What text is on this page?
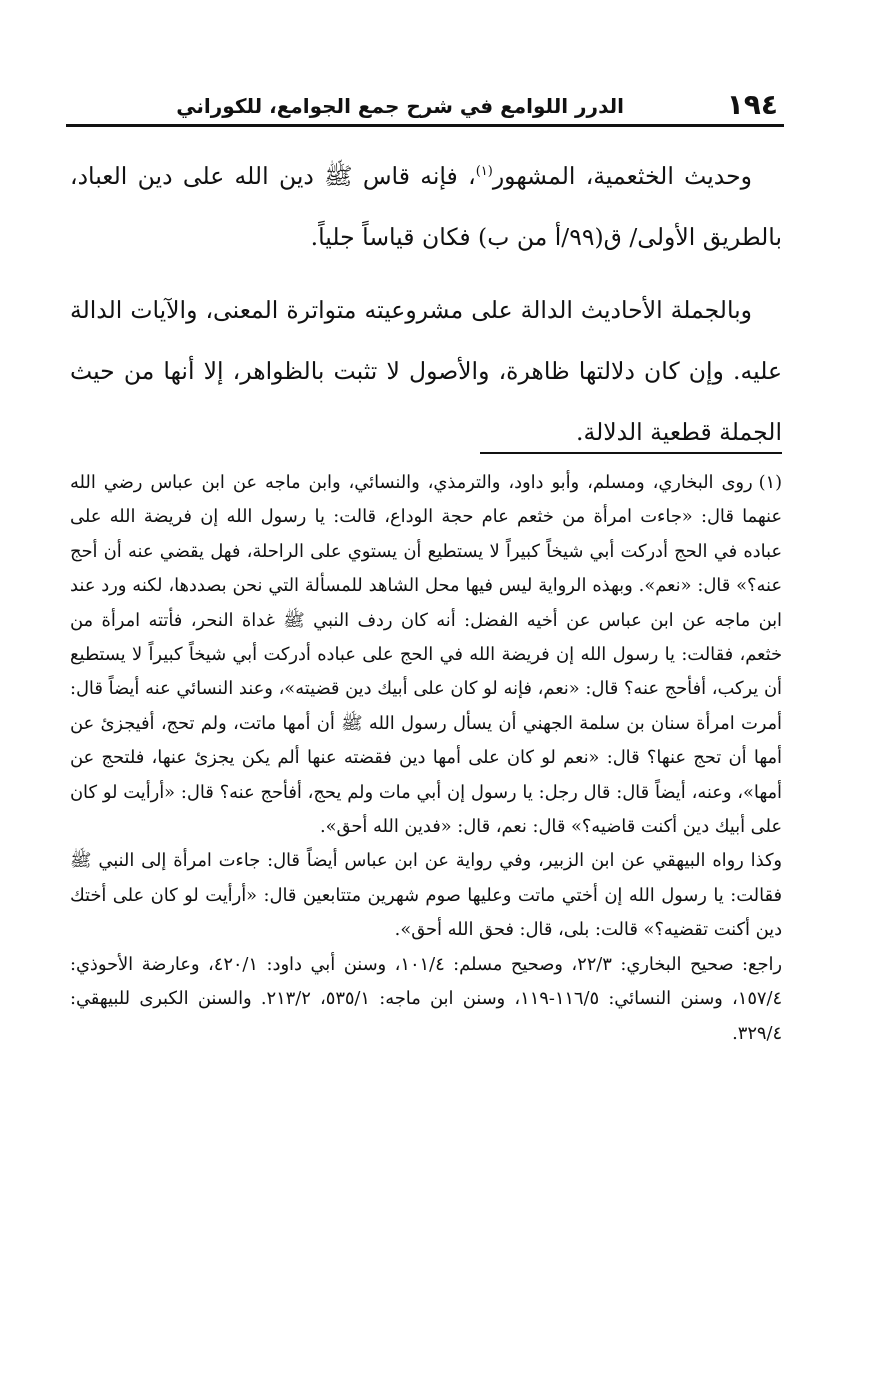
١٩٤
الدرر اللوامع في شرح جمع الجوامع، للكوراني

وحديث الخثعمية، المشهور$^{(١)}$، فإنه قاس ﷺ دين الله على دين العباد، بالطريق الأولى/ ق(٩٩/أ من ب) فكان قياساً جلياً.

وبالجملة الأحاديث الدالة على مشروعيته متواترة المعنى، والآيات الدالة عليه. وإن كان دلالتها ظاهرة، والأصول لا تثبت بالظواهر، إلا أنها من حيث الجملة قطعية الدلالة.

(١)روى البخاري، ومسلم، وأبو داود، والترمذي، والنسائي، وابن ماجه عن ابن عباس رضي الله عنهما قال: «جاءت امرأة من خثعم عام حجة الوداع، قالت: يا رسول الله إن فريضة الله على عباده في الحج أدركت أبي شيخاً كبيراً لا يستطيع أن يستوي على الراحلة، فهل يقضي عنه أن أحج عنه؟» قال: «نعم». وبهذه الرواية ليس فيها محل الشاهد للمسألة التي نحن بصددها، لكنه ورد عند ابن ماجه عن ابن عباس عن أخيه الفضل: أنه كان ردف النبي ﷺ غداة النحر، فأتته امرأة من خثعم، فقالت: يا رسول الله إن فريضة الله في الحج على عباده أدركت أبي شيخاً كبيراً لا يستطيع أن يركب، أفأحج عنه؟ قال: «نعم، فإنه لو كان على أبيك دين قضيته»، وعند النسائي عنه أيضاً قال: أمرت امرأة سنان بن سلمة الجهني أن يسأل رسول الله ﷺ أن أمها ماتت، ولم تحج، أفيجزئ عن أمها أن تحج عنها؟ قال: «نعم لو كان على أمها دين فقضته عنها ألم يكن يجزئ عنها، فلتحج عن أمها»، وعنه، أيضاً قال: قال رجل: يا رسول إن أبي مات ولم يحج، أفأحج عنه؟ قال: «أرأيت لو كان على أبيك دين أكنت قاضيه؟» قال: نعم، قال: «فدين الله أحق».

وكذا رواه البيهقي عن ابن الزبير، وفي رواية عن ابن عباس أيضاً قال: جاءت امرأة إلى النبي ﷺ فقالت: يا رسول الله إن أختي ماتت وعليها صوم شهرين متتابعين قال: «أرأيت لو كان على أختك دين أكنت تقضيه؟» قالت: بلى، قال: فحق الله أحق».

راجع: صحيح البخاري: ٢٢/٣، وصحيح مسلم: ١٠١/٤، وسنن أبي داود: ٤٢٠/١، وعارضة الأحوذي: ١٥٧/٤، وسنن النسائي: ١١٦/٥-١١٩، وسنن ابن ماجه: ٥٣٥/١، ٢١٣/٢. والسنن الكبرى للبيهقي: ٣٢٩/٤.
